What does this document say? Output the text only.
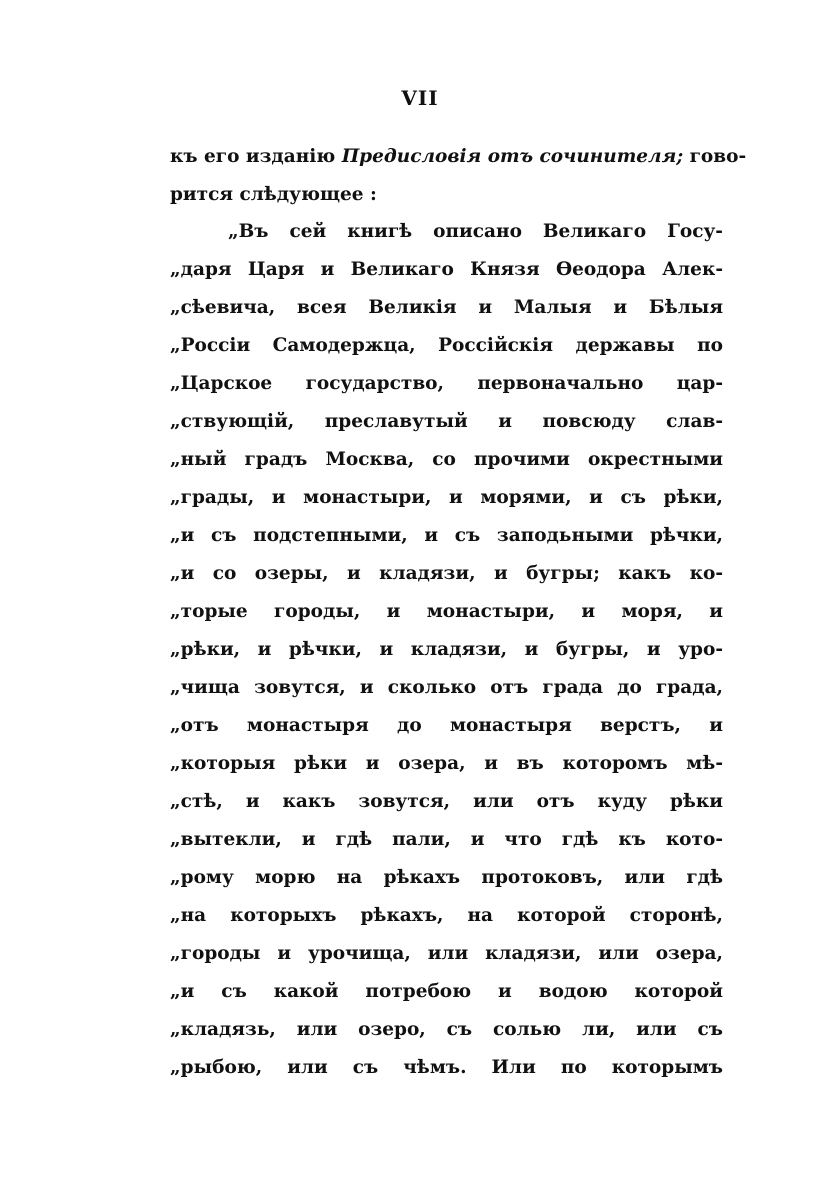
VII
къ его изданію Предисловія отъ сочинителя; гово-
рится слѣдующее :
„Въ сей книгѣ описано Великаго Госу-
„даря Царя и Великаго Князя Ѳеодора Алек-
„сѣевича, всея Великія и Малыя и Бѣлыя
„Россіи Самодержца, Россійскія державы по
„Царское государство, первоначально цар-
„ствующій, преславутый и повсюду слав-
„ный градъ Москва, со прочими окрестными
„грады, и монастыри, и морями, и съ рѣки,
„и съ подстепными, и съ заподьными рѣчки,
„и со озеры, и кладязи, и бугры; какъ ко-
„торые городы, и монастыри, и моря, и
„рѣки, и рѣчки, и кладязи, и бугры, и уро-
„чища зовутся, и сколько отъ града до града,
„отъ монастыря до монастыря верстъ, и
„которыя рѣки и озера, и въ которомъ мѣ-
„стѣ, и какъ зовутся, или отъ куду рѣки
„вытекли, и гдѣ пали, и что гдѣ къ кото-
„рому морю на рѣкахъ протоковъ, или гдѣ
„на которыхъ рѣкахъ, на которой сторонѣ,
„городы и урочища, или кладязи, или озера,
„и съ какой потребою и водою которой
„кладязь, или озеро, съ солью ли, или съ
„рыбою, или съ чѣмъ. Или по которымъ
